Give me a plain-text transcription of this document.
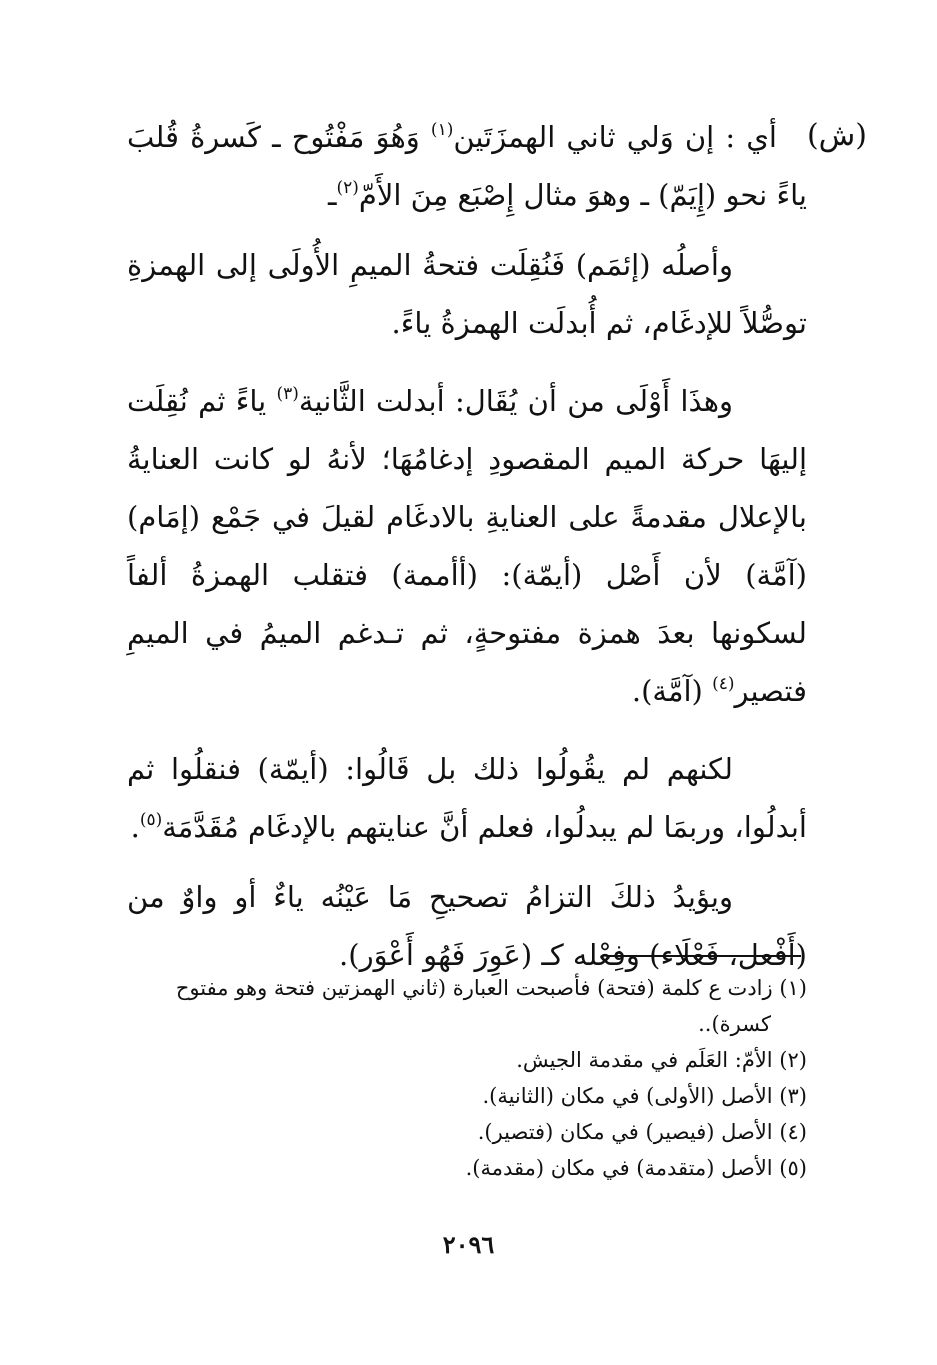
(ش)

أي : إن وَلي ثاني الهمزَتَين$^{(١)}$ وَهُوَ مَفْتُوح ـ كَسرةُ قُلبَ ياءً نحو (إِيَمّ) ـ وهوَ مثال إِصْبَع مِنَ الأَمّ$^{(٢)}$ـ

وأصلُه (إئمَم) فَنُقِلَت فتحةُ الميمِ الأُولَى إلى الهمزةِ توصُّلاً للإدغَام، ثم أُبدلَت الهمزةُ ياءً.

وهذَا أَوْلَى من أن يُقَال: أبدلت الثَّانية$^{(٣)}$ ياءً ثم نُقِلَت إليهَا حركة الميم المقصودِ إدغامُهَا؛ لأنهُ لو كانت العنايةُ بالإعلال مقدمةً على العنايةِ بالادغَام لقيلَ في جَمْع (إمَام) (آمَّة) لأن أَصْل (أيمّة): (أأممة) فتقلب الهمزةُ ألفاً لسكونها بعدَ همزة مفتوحةٍ، ثم تـدغم الميمُ في الميمِ فتصير$^{(٤)}$ (آمَّة).

لكنهم لم يقُولُوا ذلك بل قَالُوا: (أيمّة) فنقلُوا ثم أبدلُوا، وربمَا لم يبدلُوا، فعلم أنَّ عنايتهم بالإدغَام مُقَدَّمَة$^{(٥)}$.

ويؤيدُ ذلكَ التزامُ تصحيحِ مَا عَيْنُه ياءٌ أو واوٌ من (أَفْعل، فَعْلَاء) وفِعْله كـ (عَوِرَ فَهُو أَعْوَر).

(١) زادت ع كلمة (فتحة) فأصبحت العبارة (ثاني الهمزتين فتحة وهو مفتوح كسرة)..

(٢) الأمّ: العَلَم في مقدمة الجيش.

(٣) الأصل (الأولى) في مكان (الثانية).

(٤) الأصل (فيصير) في مكان (فتصير).

(٥) الأصل (متقدمة) في مكان (مقدمة).

٢٠٩٦
